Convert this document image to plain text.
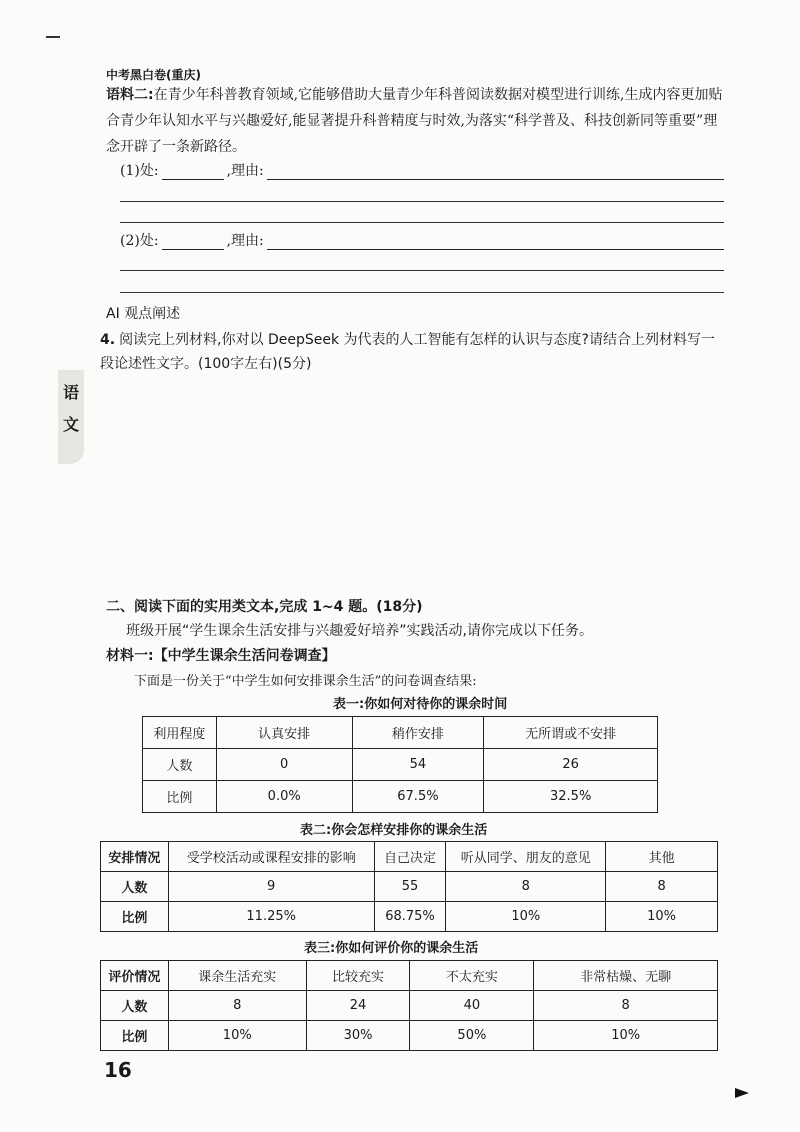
中考黑白卷(重庆)
语料二:在青少年科普教育领域,它能够借助大量青少年科普阅读数据对模型进行训练,生成内容更加贴合青少年认知水平与兴趣爱好,能显著提升科普精度与时效,为落实“科学普及、科技创新同等重要”理念开辟了一条新路径。
(1)处:	,理由:
(2)处:	,理由:
AI 观点阐述
4. 阅读完上列材料,你对以 DeepSeek 为代表的人工智能有怎样的认识与态度?请结合上列材料写一段论述性文字。(100字左右)(5分)
语
文
二、阅读下面的实用类文本,完成 1~4 题。(18分)
班级开展“学生课余生活安排与兴趣爱好培养”实践活动,请你完成以下任务。
材料一:【中学生课余生活问卷调查】
下面是一份关于“中学生如何安排课余生活”的问卷调查结果:
表一:你如何对待你的课余时间
利用程度	认真安排	稍作安排	无所谓或不安排
人数	0	54	26
比例	0.0%	67.5%	32.5%
表二:你会怎样安排你的课余生活
安排情况	受学校活动或课程安排的影响	自己决定	听从同学、朋友的意见	其他
人数	9	55	8	8
比例	11.25%	68.75%	10%	10%
表三:你如何评价你的课余生活
评价情况	课余生活充实	比较充实	不太充实	非常枯燥、无聊
人数	8	24	40	8
比例	10%	30%	50%	10%
16
